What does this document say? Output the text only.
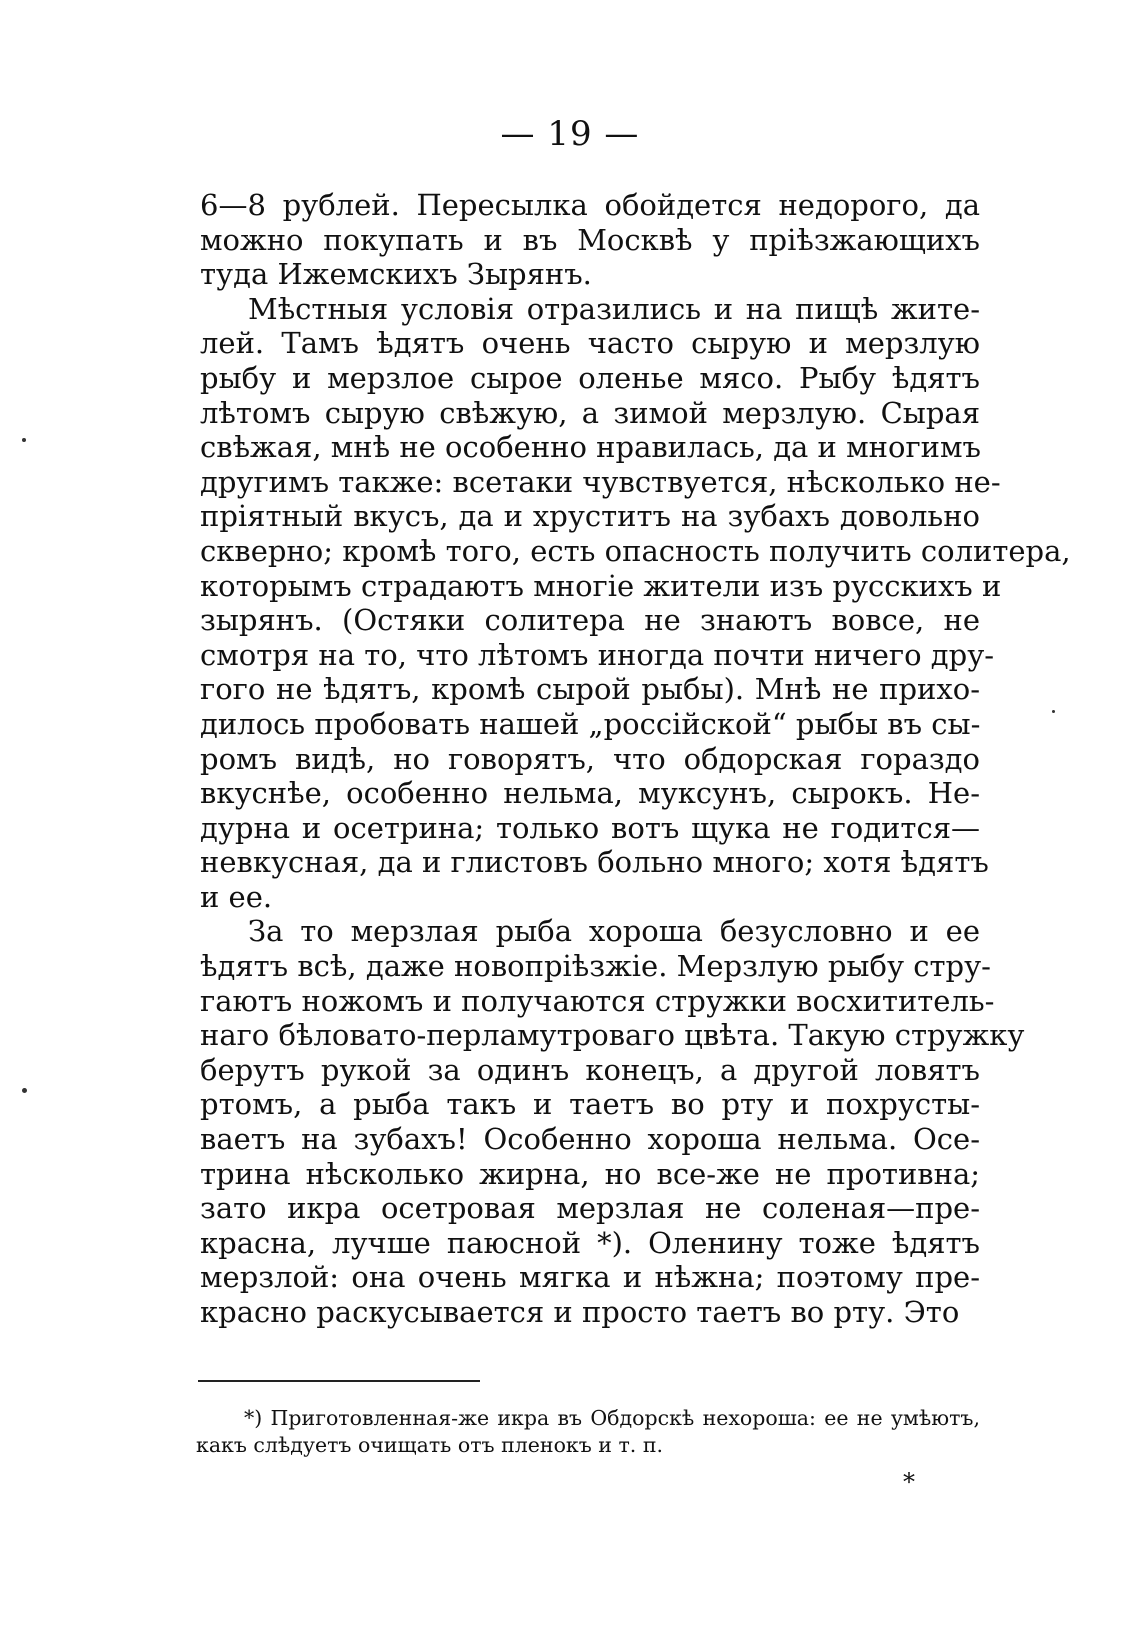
— 19 —
6—8 рублей. Пересылка обойдется недорого, да
можно покупать и въ Москвѣ у пріѣзжающихъ
туда Ижемскихъ Зырянъ.
Мѣстныя условія отразились и на пищѣ жите-
лей. Тамъ ѣдятъ очень часто сырую и мерзлую
рыбу и мерзлое сырое оленье мясо. Рыбу ѣдятъ
лѣтомъ сырую свѣжую, а зимой мерзлую. Сырая
свѣжая, мнѣ не особенно нравилась, да и многимъ
другимъ также: всетаки чувствуется, нѣсколько не-
пріятный вкусъ, да и хруститъ на зубахъ довольно
скверно; кромѣ того, есть опасность получить солитера,
которымъ страдаютъ многіе жители изъ русскихъ и
зырянъ. (Остяки солитера не знаютъ вовсе, не
смотря на то, что лѣтомъ иногда почти ничего дру-
гого не ѣдятъ, кромѣ сырой рыбы). Мнѣ не прихо-
дилось пробовать нашей „россійской“ рыбы въ сы-
ромъ видѣ, но говорятъ, что обдорская гораздо
вкуснѣе, особенно нельма, муксунъ, сырокъ. Не-
дурна и осетрина; только вотъ щука не годится—
невкусная, да и глистовъ больно много; хотя ѣдятъ
и ее.
За то мерзлая рыба хороша безусловно и ее
ѣдятъ всѣ, даже новопріѣзжіе. Мерзлую рыбу стру-
гаютъ ножомъ и получаются стружки восхититель-
наго бѣловато-перламутроваго цвѣта. Такую стружку
берутъ рукой за одинъ конецъ, а другой ловятъ
ртомъ, а рыба такъ и таетъ во рту и похрусты-
ваетъ на зубахъ! Особенно хороша нельма. Осе-
трина нѣсколько жирна, но все-же не противна;
зато икра осетровая мерзлая не соленая—пре-
красна, лучше паюсной *). Оленину тоже ѣдятъ
мерзлой: она очень мягка и нѣжна; поэтому пре-
красно раскусывается и просто таетъ во рту. Это
*) Приготовленная-же икра въ Обдорскѣ нехороша: ее не умѣютъ,
какъ слѣдуетъ очищать отъ пленокъ и т. п.
*
